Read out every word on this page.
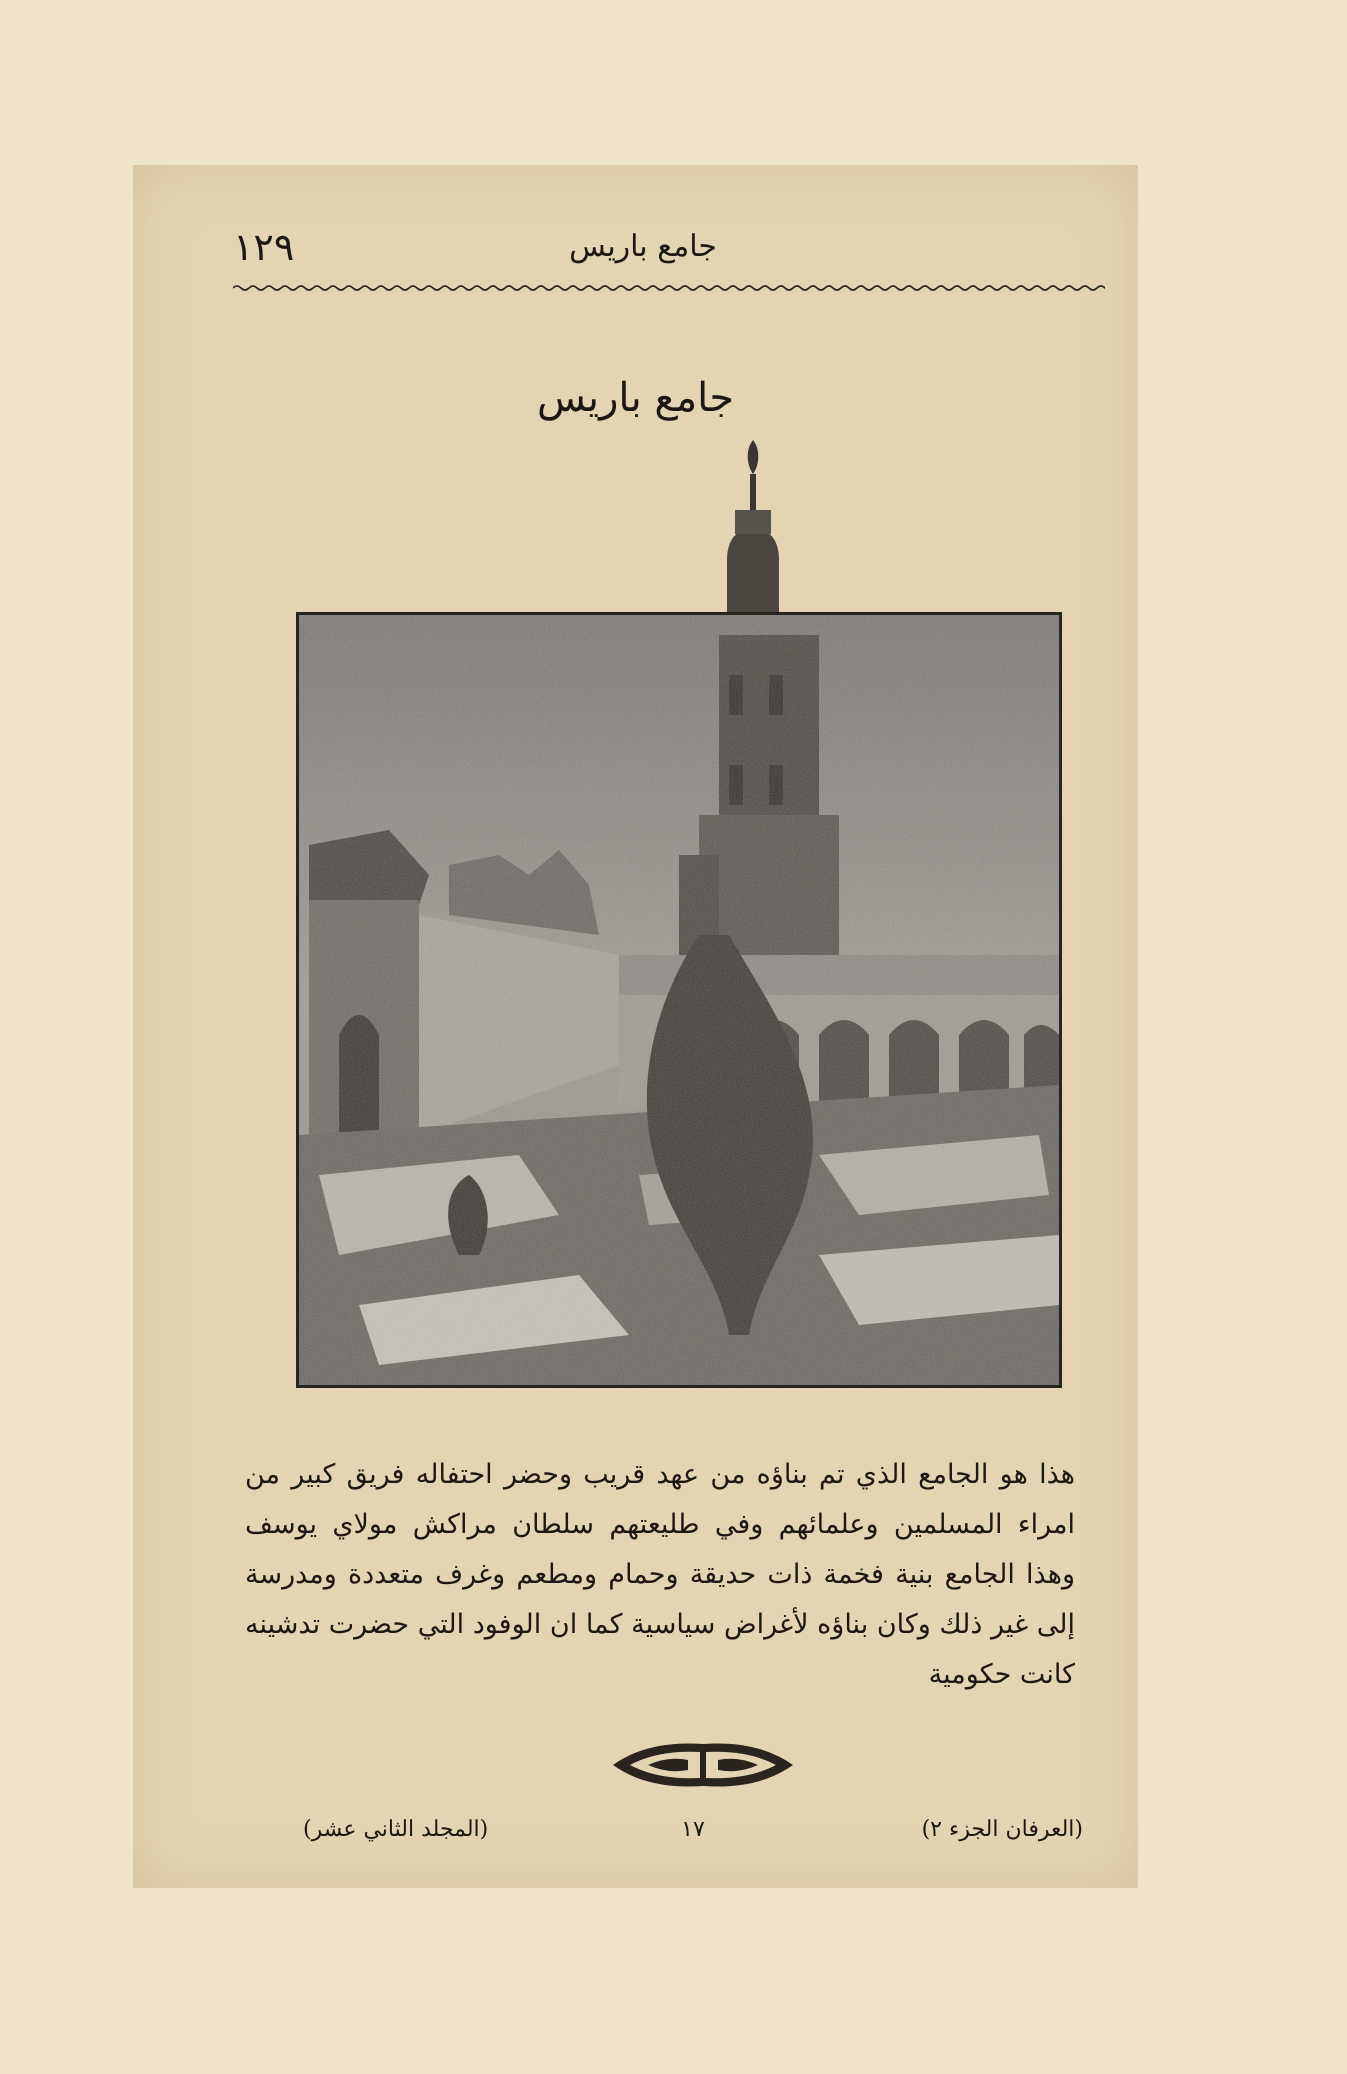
١٢٩	جامع باريس
جامع باريس
هذا هو الجامع الذي تم بناؤه من عهد قريب وحضر احتفاله فريق كبير من امراء المسلمين وعلمائهم وفي طليعتهم سلطان مراكش مولاي يوسف وهذا الجامع بنية فخمة ذات حديقة وحمام ومطعم وغرف متعددة ومدرسة إلى غير ذلك وكان بناؤه لأغراض سياسية كما ان الوفود التي حضرت تدشينه كانت حكومية
(المجلد الثاني عشر)	١٧	(العرفان الجزء ٢)
